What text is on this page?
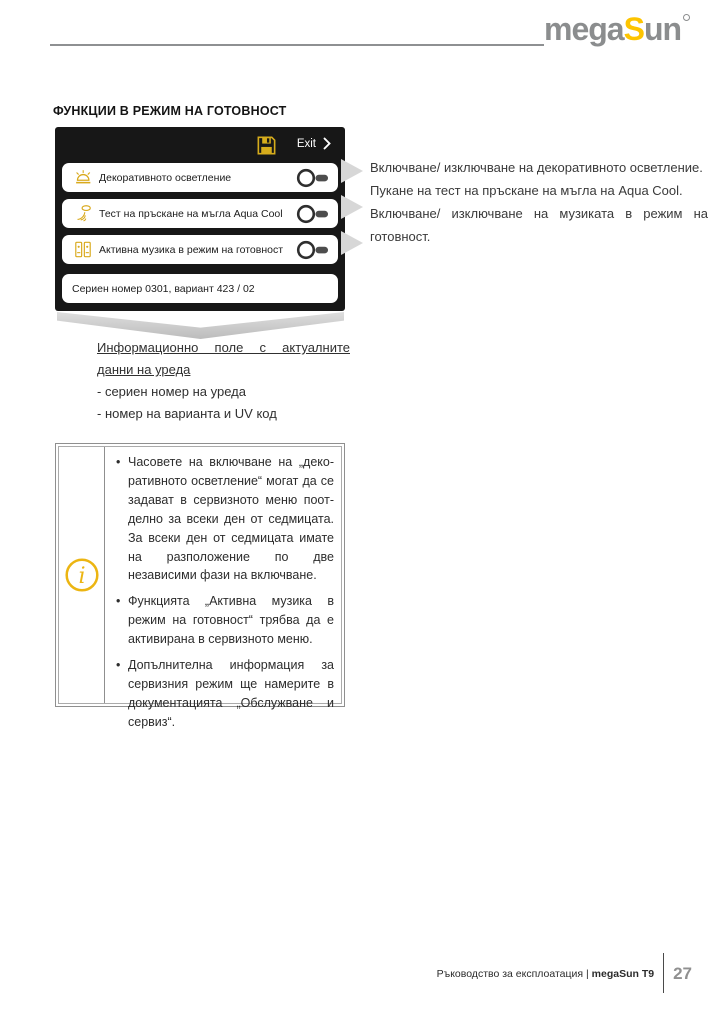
megaSun
ФУНКЦИИ В РЕЖИМ НА ГОТОВНОСТ
Exit
Декоративното осветление
Тест на пръскане на мъгла Aqua Cool
Активна музика в режим на готовност
Сериен номер 0301, вариант 423 / 02

Включване/ изключване на декоративното осветление.

Пукане на тест на пръскане на мъгла на Aqua Cool.

Включване/ изключване на музиката в режим на готовност.

Информационно поле с актуалните
данни на уреда
- сериен номер на уреда
- номер на варианта и UV код
i
• Часовете на включване на „декоративното осветление“ могат да се задават в сервизното меню поотделно за всеки ден от седмицата. За всеки ден от седмицата имате на разположение по две независими фази на включване.
• Функцията „Активна музика в режим на готовност“ трябва да е активирана в сервизното меню.
• Допълнителна информация за сервизния режим ще намерите в документацията „Обслужване и сервиз“.
Ръководство за експлоатация | megaSun T9 27
